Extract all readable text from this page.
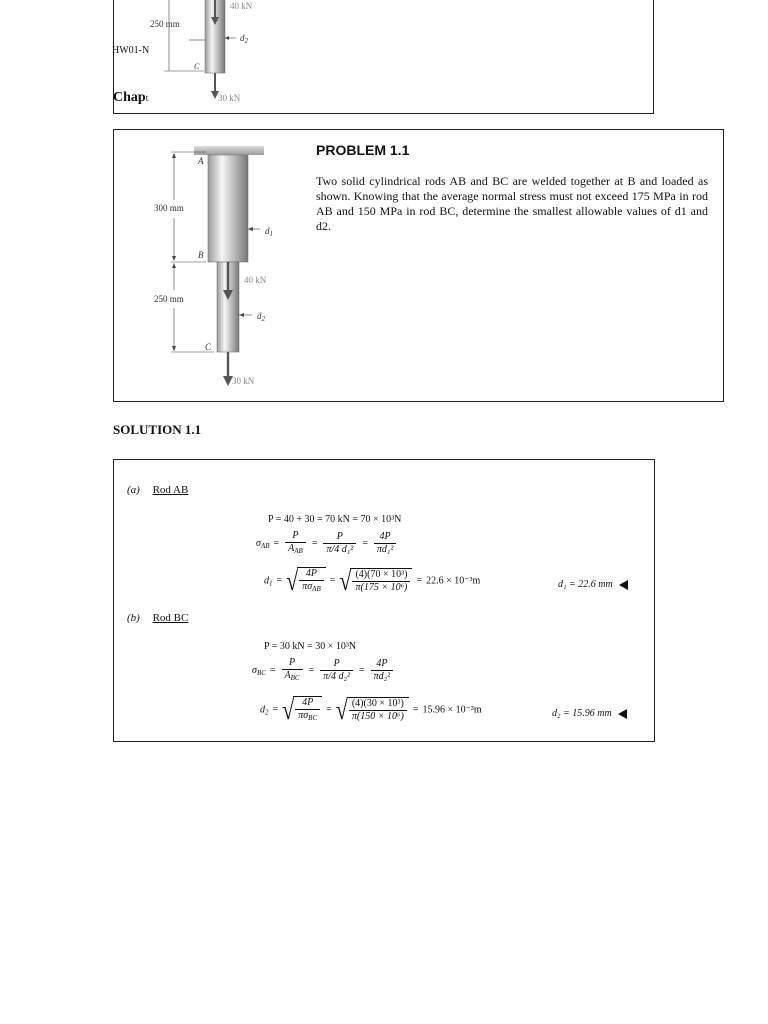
40 kN
250 mm
$d_2$
C
30 kN
HW01-N
Chapt
A
B
C
300 mm
250 mm
40 kN
30 kN
$d_1$
$d_2$
PROBLEM 1.1
Two solid cylindrical rods AB and BC are welded together at B and loaded as shown. Knowing that the average normal stress must not exceed 175 MPa in rod AB and 150 MPa in rod BC, determine the smallest allowable values of d1 and d2.
SOLUTION 1.1
(a) Rod AB
P = 40 + 30 = 70 kN = 70 × 10³N
$\sigma_{AB} = \frac{P}{A_{AB}} = \frac{P}{\text{π/4 d₁²}} = \frac{4P}{\text{πd₁²}}$
$d_1$ = √ $\frac{4P}{\pi\sigma_{AB}}$ = √ $\frac{\text{(4)(70 × 10³)}}{\text{π(175 × 10⁶)}} = 22.6 \times 10^{-3}m$	d₁ = 22.6 mm
(b) Rod BC
P = 30 kN = 30 × 10³N
$\sigma_{BC} = \frac{P}{A_{BC}} = \frac{P}{\text{π/4 d₂²}} = \frac{4P}{\text{πd₂²}}$
$d_2$ = √ $\frac{4P}{\pi\sigma_{BC}}$ = √ $\frac{\text{(4)(30 × 10³)}}{\text{π(150 × 10⁶)}} = 15.96 \times 10^{-3}m$	d₂ = 15.96 mm
